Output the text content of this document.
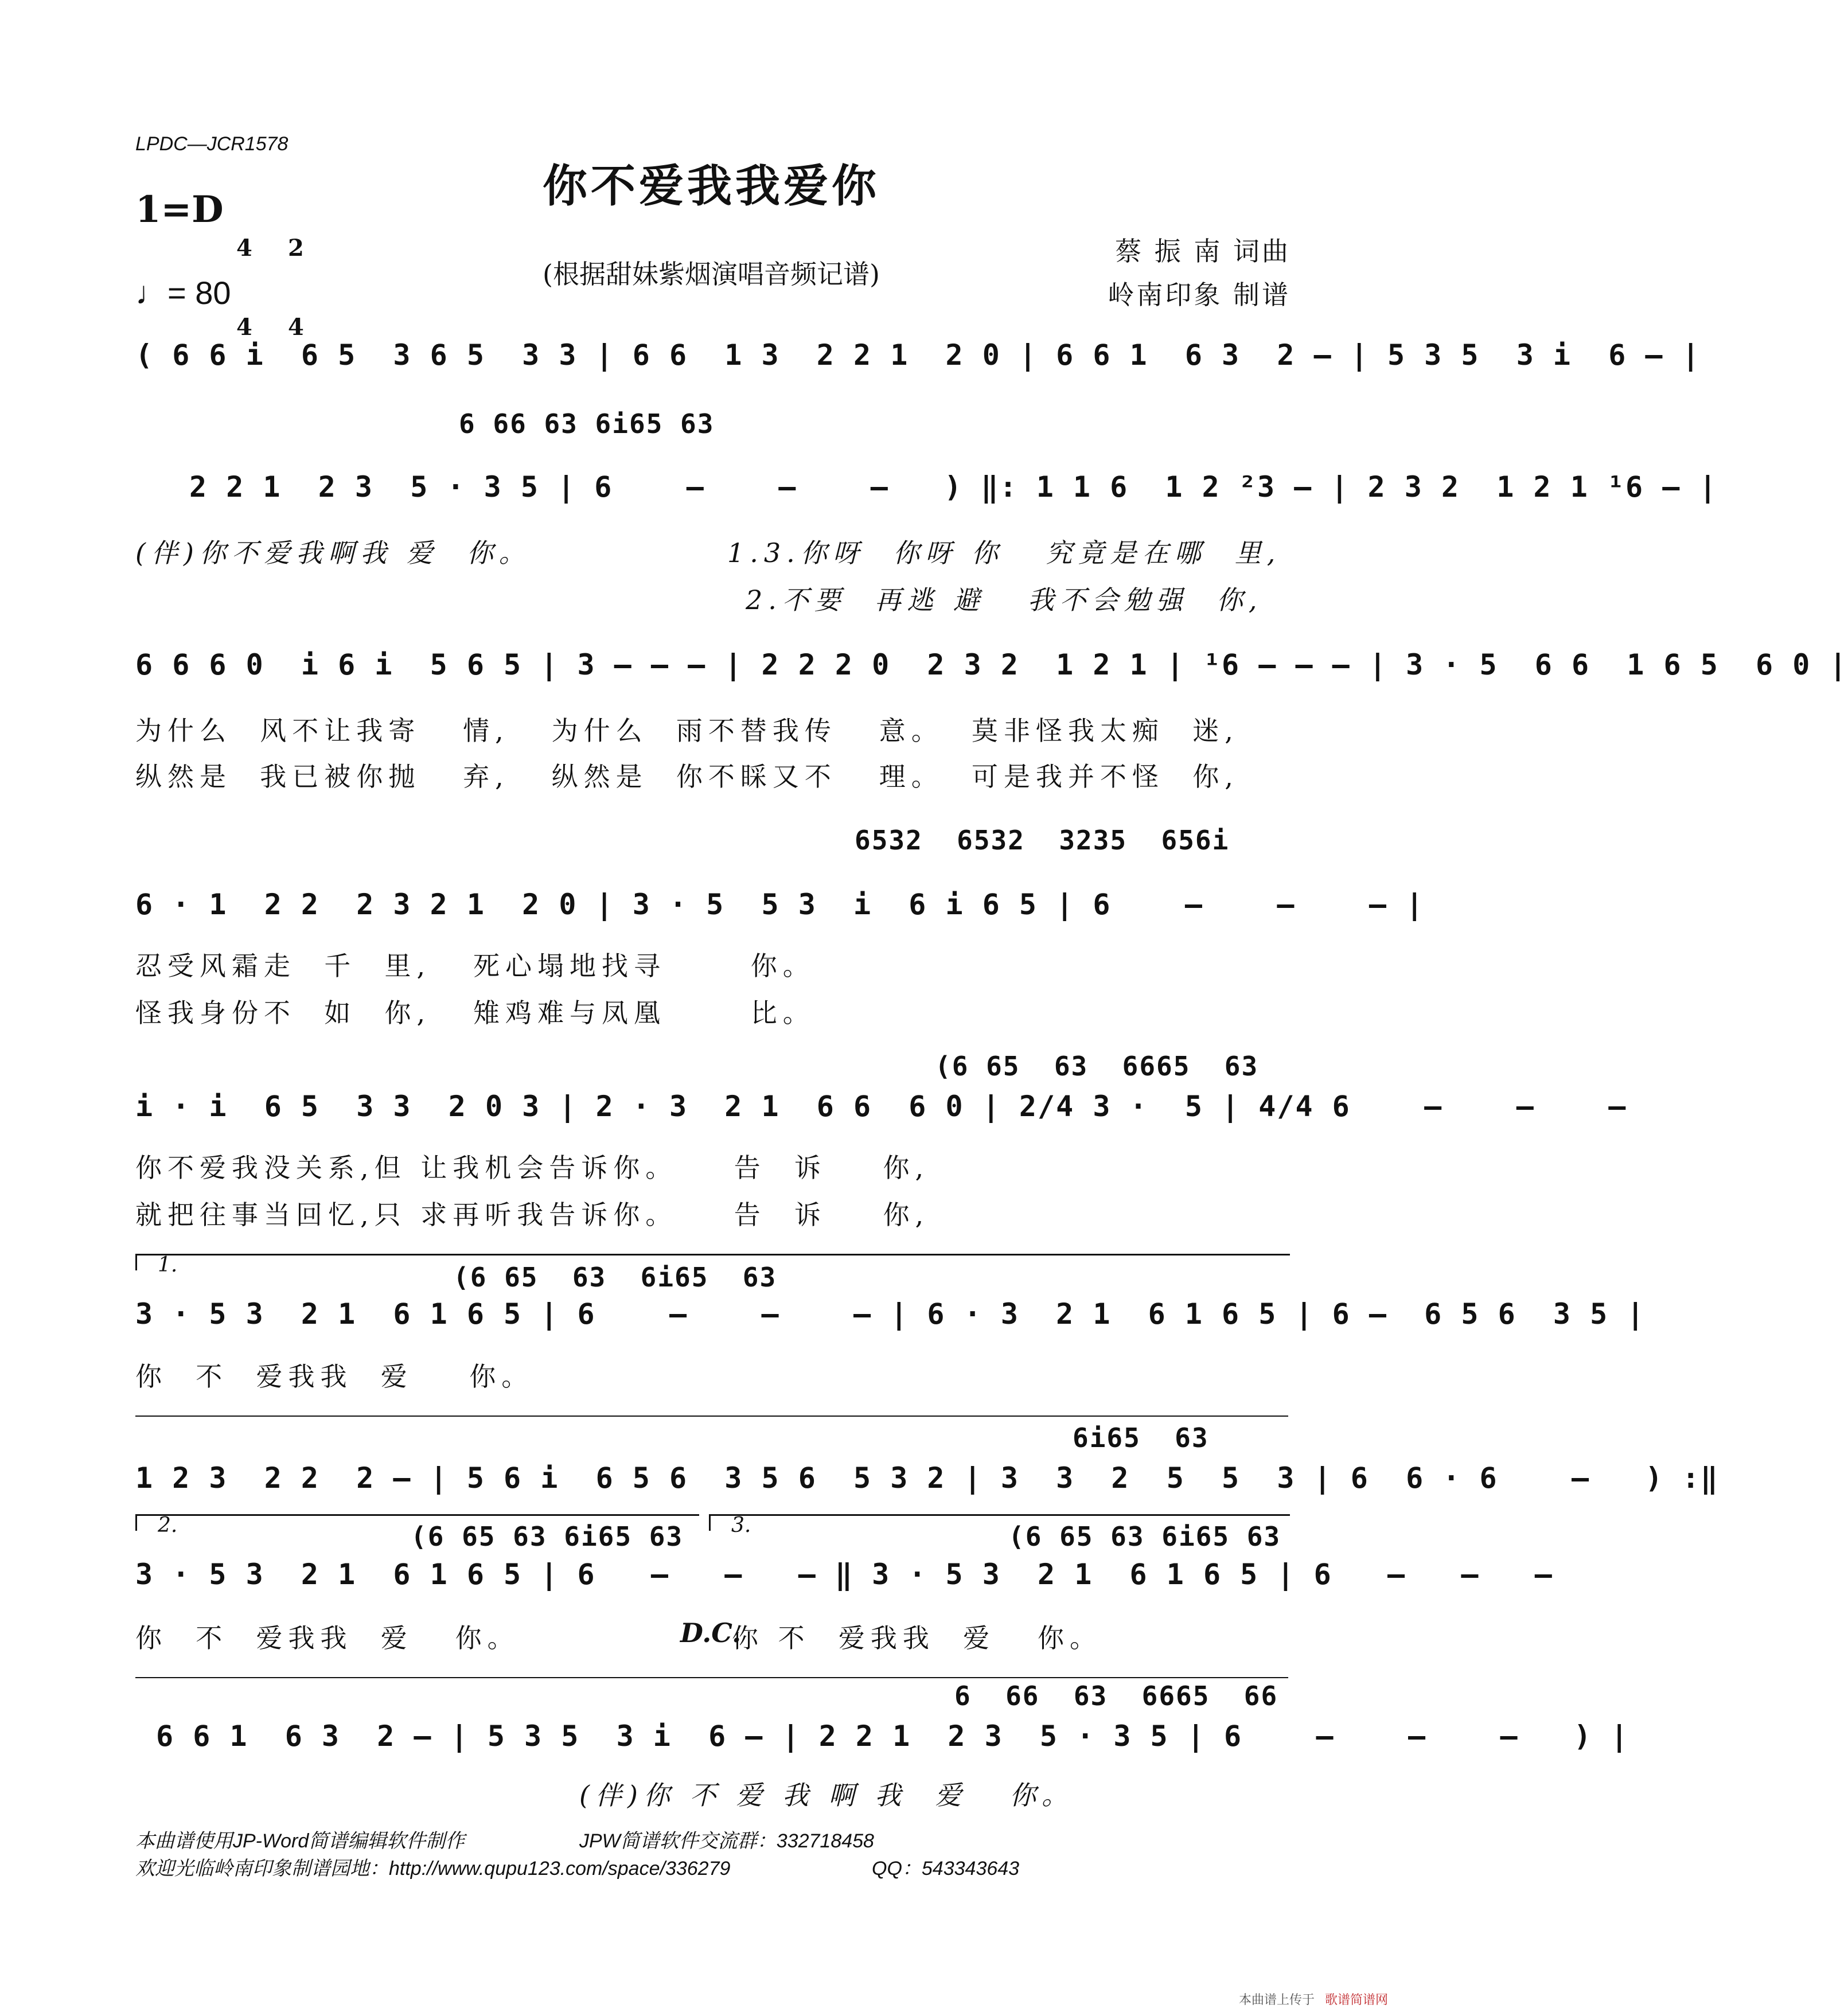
LPDC—JCR1578
你不爱我我爱你
1=D

4

4

2

4

♩= 80
(根据甜妹紫烟演唱音频记谱)
蔡 振 南 词曲
岭南印象 制谱
( 6 6 i  6 5  3 6 5  3 3 | 6 6  1 3  2 2 1  2 0 | 6 6 1  6 3  2 – | 5 3 5  3 i  6 – |
6 66 63 6i65 63
2 2 1  2 3  5 · 3 5 | 6    –    –    –   ) ‖: 1 1 6  1 2 ²3 – | 2 3 2  1 2 1 ¹6 – |
(伴)你不爱我啊我 爱  你。	1.3.你呀  你呀 你   究竟是在哪  里,
2.不要  再逃 避   我不会勉强  你,
6 6 6 0  i 6 i  5 6 5 | 3 – – – | 2 2 2 0  2 3 2  1 2 1 | ¹6 – – – | 3 · 5  6 6  1 6 5  6 0 |
为什么  风不让我寄   情,   为什么  雨不替我传   意。  莫非怪我太痴  迷,
纵然是  我已被你抛   弃,   纵然是  你不睬又不   理。  可是我并不怪  你,
6532  6532  3235  656i
6 · 1  2 2  2 3 2 1  2 0 | 3 · 5  5 3  i  6 i 6 5 | 6    –    –    – |
忍受风霜走  千  里,   死心塌地找寻      你。
怪我身份不  如  你,   雉鸡难与凤凰      比。
(6 65  63  6665  63
i · i  6 5  3 3  2 0 3 | 2 · 3  2 1  6 6  6 0 | 2/4 3 ·  5 | 4/4 6    –    –    –
你不爱我没关系,但 让我机会告诉你。    告  诉    你,
就把往事当回忆,只 求再听我告诉你。    告  诉    你,

1.	(6 65  63  6i65  63
3 · 5 3  2 1  6 1 6 5 | 6    –    –    – | 6 · 3  2 1  6 1 6 5 | 6 –  6 5 6  3 5 |
你  不  爱我我  爱    你。
6i65  63
1 2 3  2 2  2 – | 5 6 i  6 5 6  3 5 6  5 3 2 | 3  3  2  5  5  3 | 6  6 · 6    –   ) :‖

2.

	3.

(6 65 63 6i65 63	(6 65 63 6i65 63
3 · 5 3  2 1  6 1 6 5 | 6   –   –   – ‖ 3 · 5 3  2 1  6 1 6 5 | 6   –   –   –
你  不  爱我我  爱   你。	D.C.
你 不  爱我我  爱   你。
6  66  63  6665  66
6 6 1  6 3  2 – | 5 3 5  3 i  6 – | 2 2 1  2 3  5 · 3 5 | 6    –    –    –   ) |
(伴)你 不 爱 我 啊 我  爱   你。
本曲谱使用JP-Word简谱编辑软件制作	JPW简谱软件交流群：332718458
欢迎光临岭南印象制谱园地：http://www.qupu123.com/space/336279	QQ：543343643
本曲谱上传于 歌谱简谱网
